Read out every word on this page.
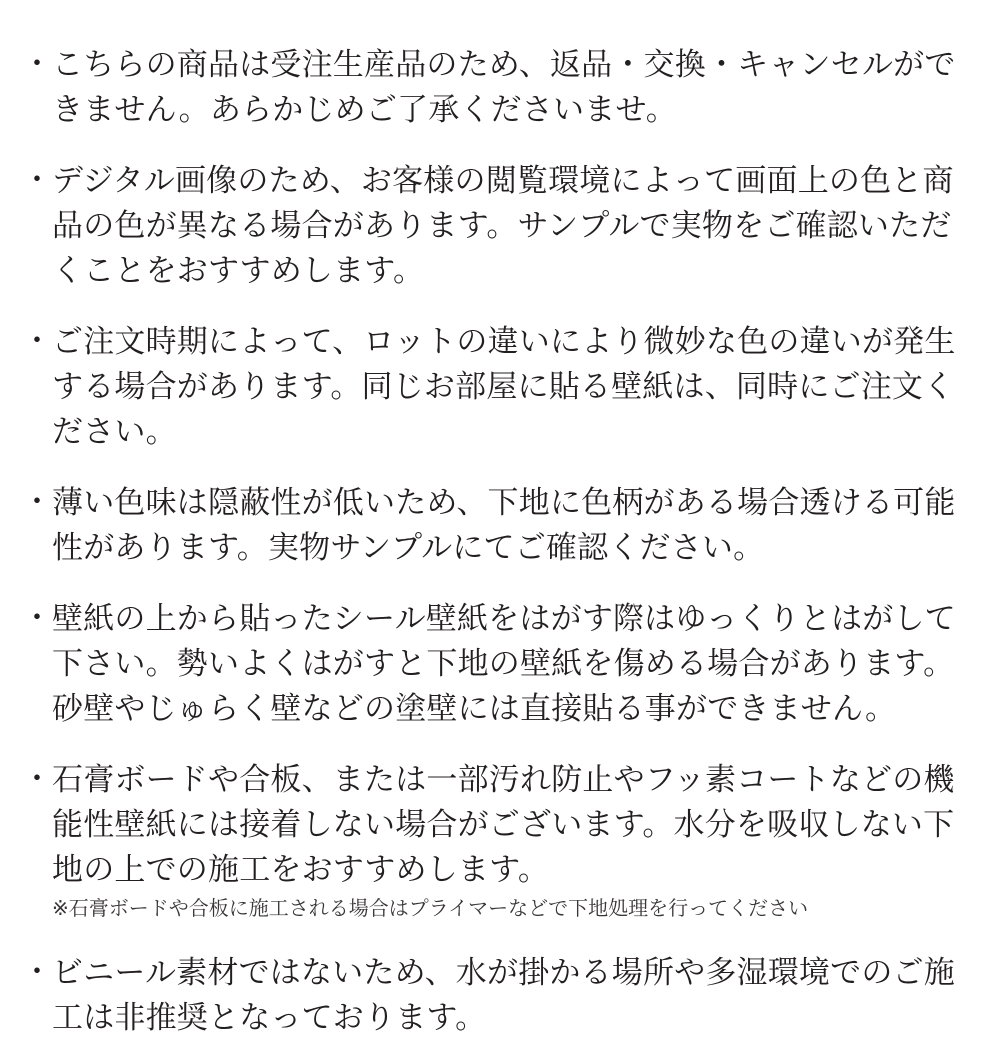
・ こちらの商品は受注生産品のため、返品・交換・キャンセルができません。あらかじめご了承くださいませ。
・ デジタル画像のため、お客様の閲覧環境によって画面上の色と商品の色が異なる場合があります。サンプルで実物をご確認いただくことをおすすめします。
・ ご注文時期によって、ロットの違いにより微妙な色の違いが発生する場合があります。同じお部屋に貼る壁紙は、同時にご注文ください。
・ 薄い色味は隠蔽性が低いため、下地に色柄がある場合透ける可能性があります。実物サンプルにてご確認ください。
・ 壁紙の上から貼ったシール壁紙をはがす際はゆっくりとはがして下さい。勢いよくはがすと下地の壁紙を傷める場合があります。砂壁やじゅらく壁などの塗壁には直接貼る事ができません。
・ 石膏ボードや合板、または一部汚れ防止やフッ素コートなどの機能性壁紙には接着しない場合がございます。水分を吸収しない下地の上での施工をおすすめします。
※石膏ボードや合板に施工される場合はプライマーなどで下地処理を行ってください
・ ビニール素材ではないため、水が掛かる場所や多湿環境でのご施工は非推奨となっております。
